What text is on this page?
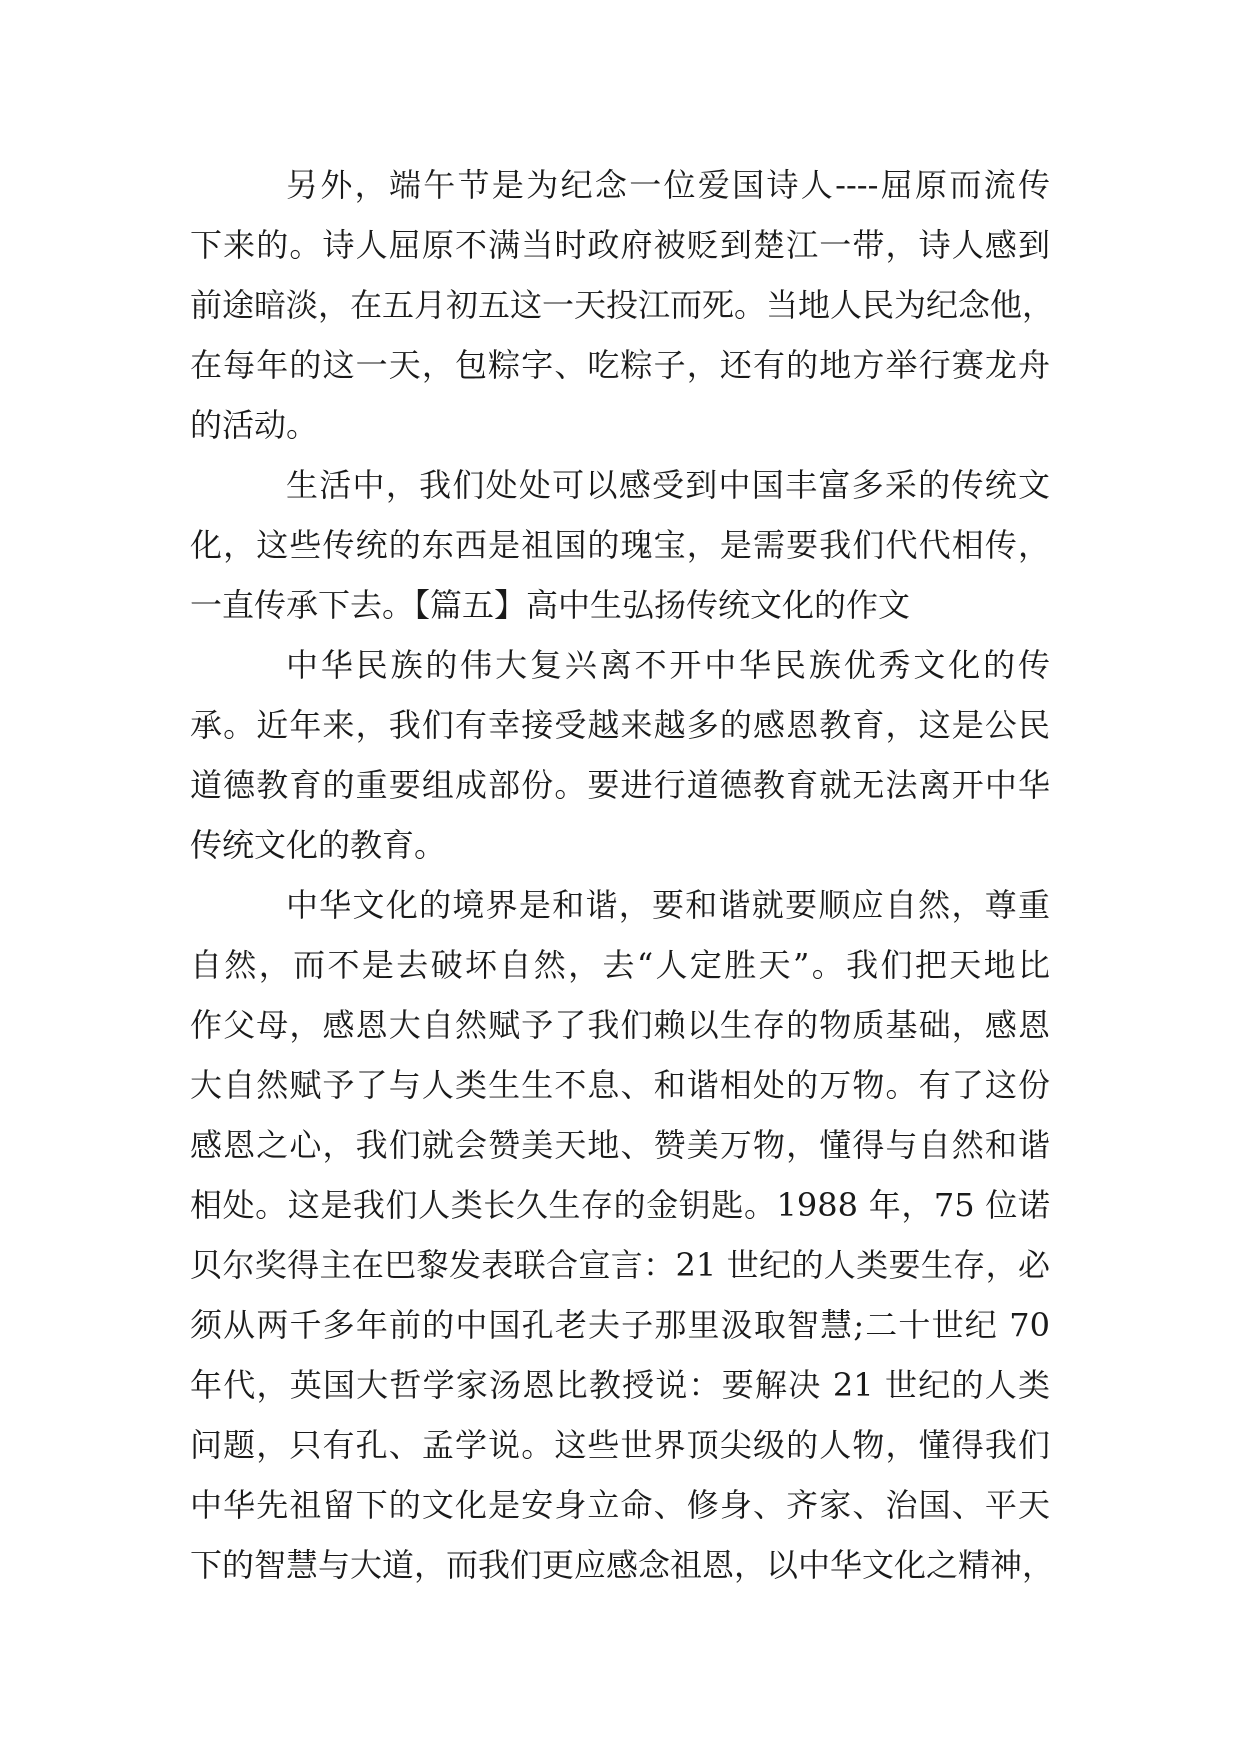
另外，端午节是为纪念一位爱国诗人----屈原而流传
下来的。诗人屈原不满当时政府被贬到楚江一带，诗人感到
前途暗淡，在五月初五这一天投江而死。当地人民为纪念他，
在每年的这一天，包粽字、吃粽子，还有的地方举行赛龙舟
的活动。
生活中，我们处处可以感受到中国丰富多采的传统文
化，这些传统的东西是祖国的瑰宝，是需要我们代代相传，
一直传承下去。【篇五】高中生弘扬传统文化的作文
中华民族的伟大复兴离不开中华民族优秀文化的传
承。近年来，我们有幸接受越来越多的感恩教育，这是公民
道德教育的重要组成部份。要进行道德教育就无法离开中华
传统文化的教育。
中华文化的境界是和谐，要和谐就要顺应自然，尊重
自然，而不是去破坏自然，去“人定胜天”。我们把天地比
作父母，感恩大自然赋予了我们赖以生存的物质基础，感恩
大自然赋予了与人类生生不息、和谐相处的万物。有了这份
感恩之心，我们就会赞美天地、赞美万物，懂得与自然和谐
相处。这是我们人类长久生存的金钥匙。1988 年，75 位诺
贝尔奖得主在巴黎发表联合宣言：21 世纪的人类要生存，必
须从两千多年前的中国孔老夫子那里汲取智慧;二十世纪 70
年代，英国大哲学家汤恩比教授说：要解决 21 世纪的人类
问题，只有孔、孟学说。这些世界顶尖级的人物，懂得我们
中华先祖留下的文化是安身立命、修身、齐家、治国、平天
下的智慧与大道，而我们更应感念祖恩，以中华文化之精神，
